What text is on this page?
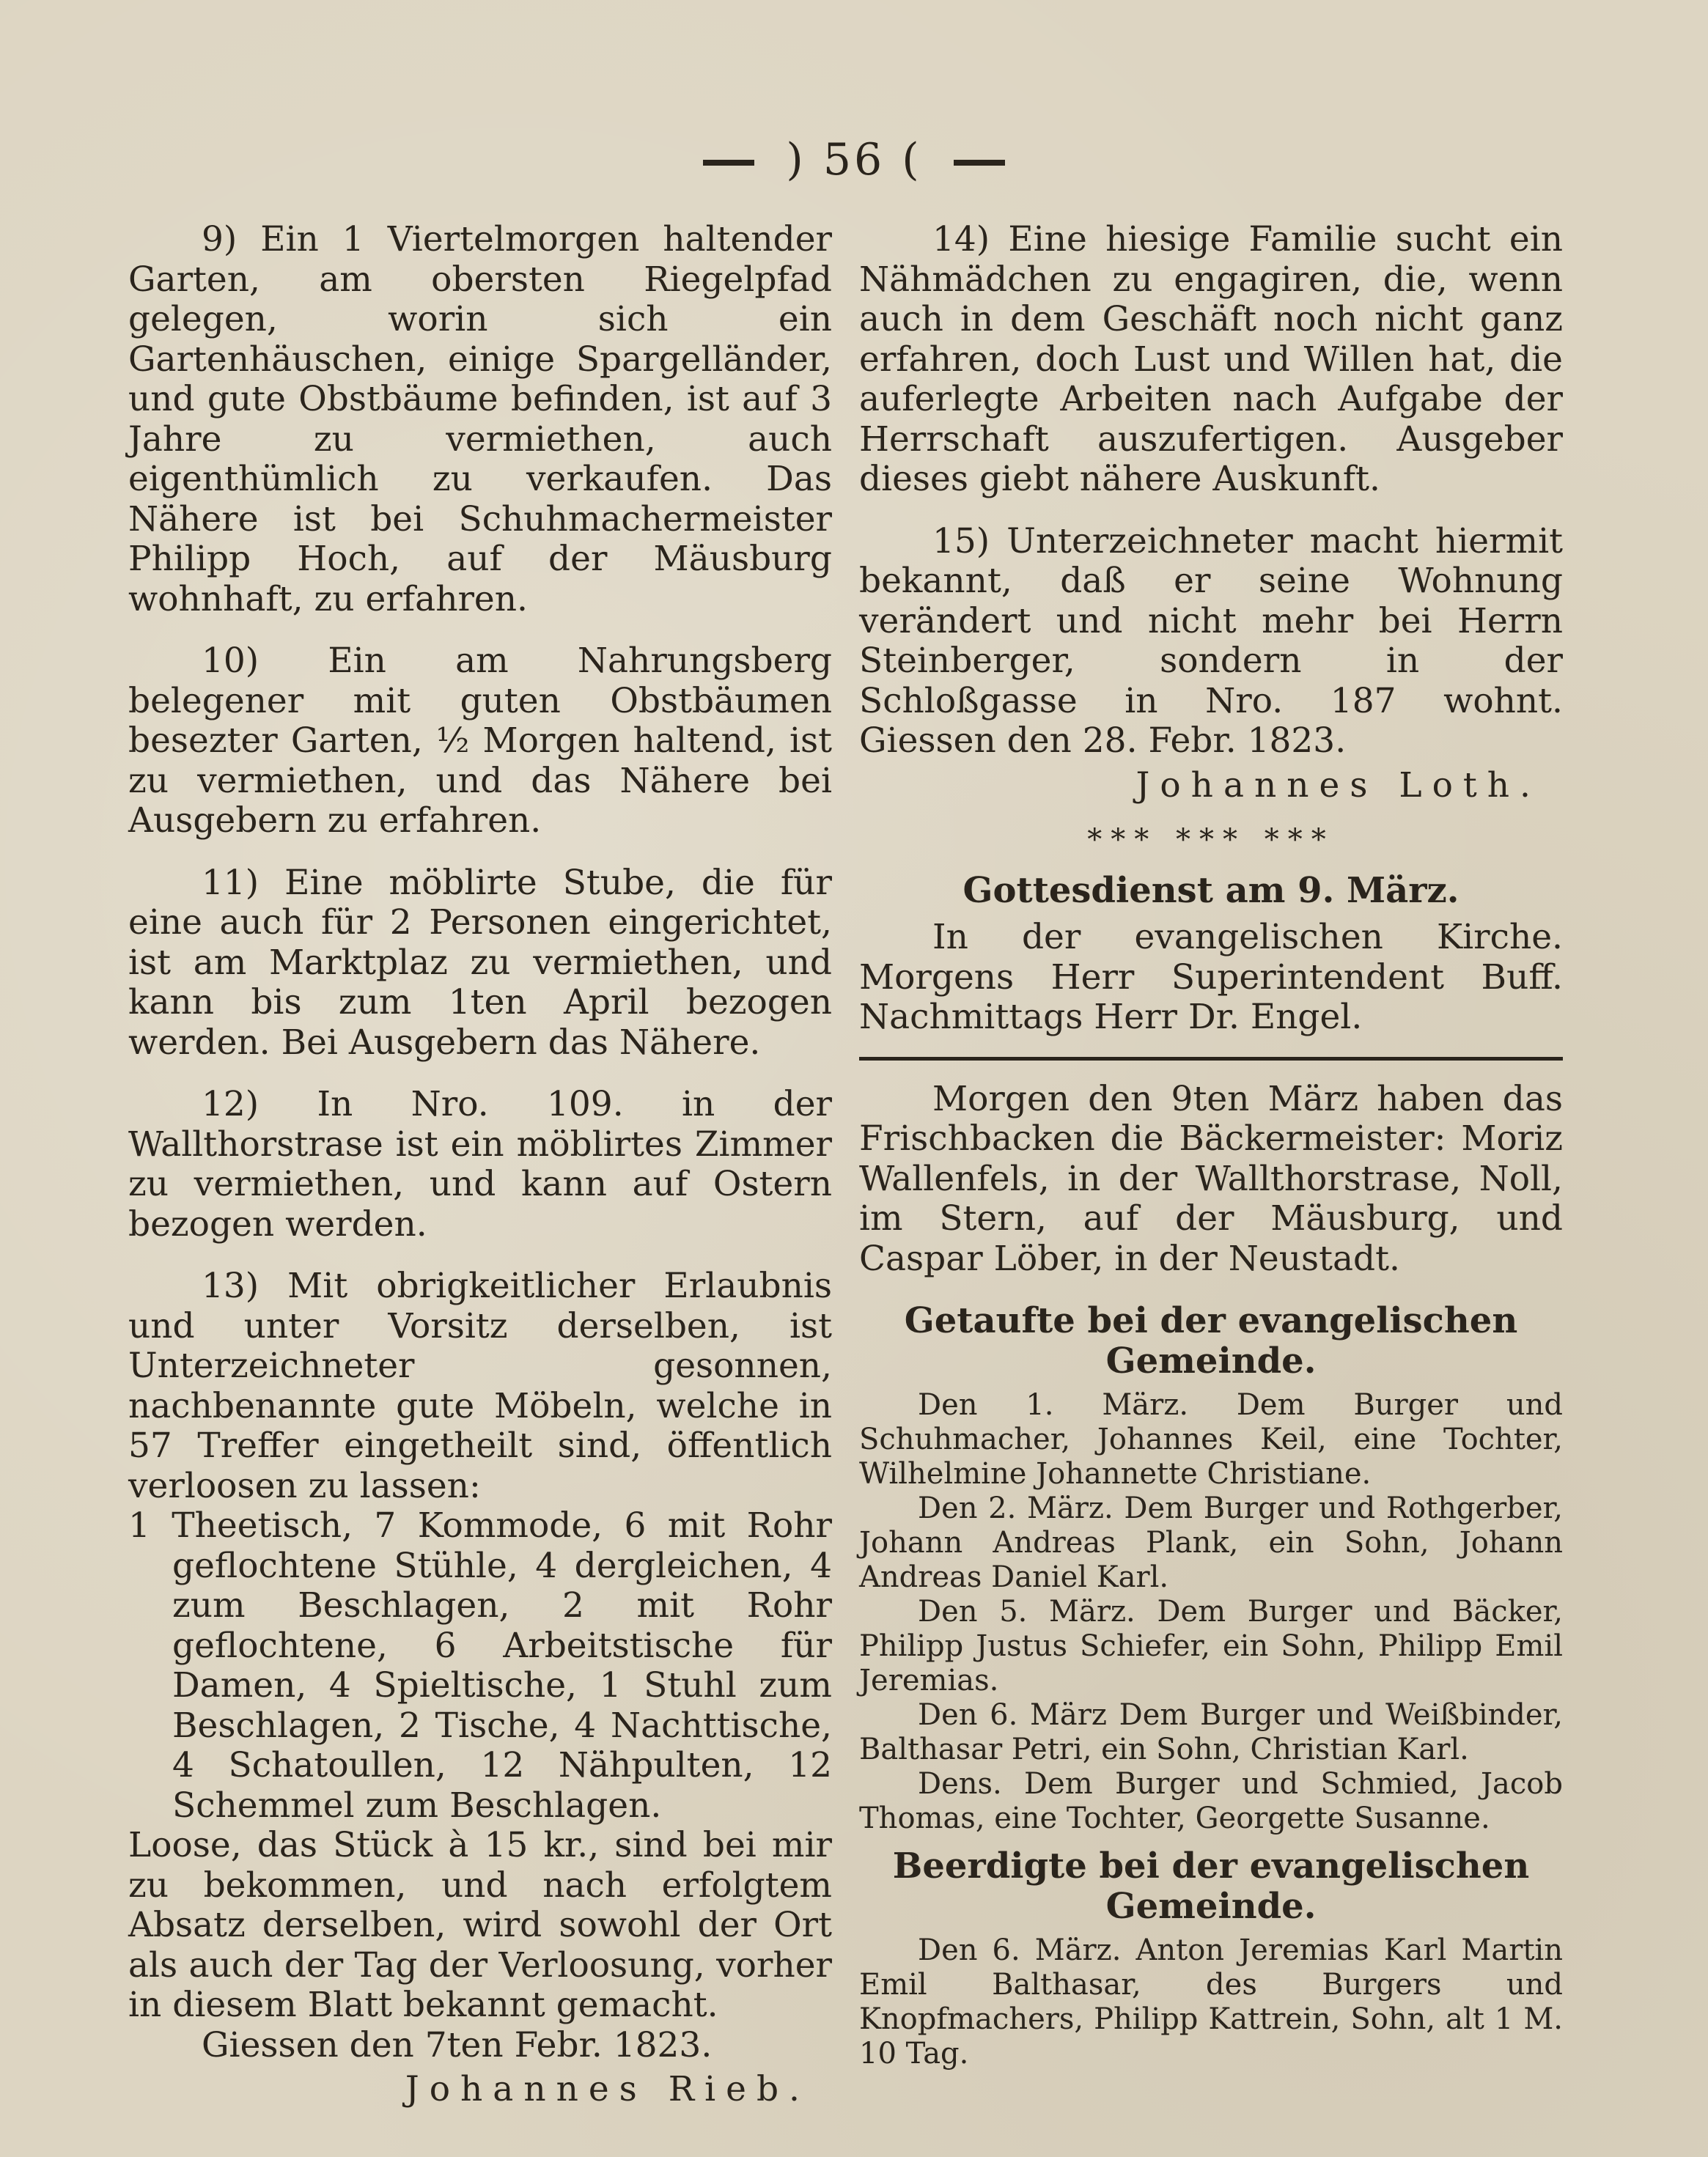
) 56 (

9) Ein 1 Viertelmorgen haltender Garten, am obersten Riegelpfad gelegen, worin sich ein Gartenhäuschen, einige Spargelländer, und gute Obstbäume befinden, ist auf 3 Jahre zu vermiethen, auch eigenthümlich zu verkaufen. Das Nähere ist bei Schuhmachermeister Philipp Hoch, auf der Mäusburg wohnhaft, zu erfahren.

10) Ein am Nahrungsberg belegener mit guten Obstbäumen besezter Garten, ½ Morgen haltend, ist zu vermiethen, und das Nähere bei Ausgebern zu erfahren.

11) Eine möblirte Stube, die für eine auch für 2 Personen eingerichtet, ist am Marktplaz zu vermiethen, und kann bis zum 1ten April bezogen werden. Bei Ausgebern das Nähere.

12) In Nro. 109. in der Wallthorstrase ist ein möblirtes Zimmer zu vermiethen, und kann auf Ostern bezogen werden.

13) Mit obrigkeitlicher Erlaubnis und unter Vorsitz derselben, ist Unterzeichneter gesonnen, nachbenannte gute Möbeln, welche in 57 Treffer eingetheilt sind, öffentlich verloosen zu lassen:

1 Theetisch, 7 Kommode, 6 mit Rohr geflochtene Stühle, 4 dergleichen, 4 zum Beschlagen, 2 mit Rohr geflochtene, 6 Arbeitstische für Damen, 4 Spieltische, 1 Stuhl zum Beschlagen, 2 Tische, 4 Nachttische, 4 Schatoullen, 12 Nähpulten, 12 Schemmel zum Beschlagen.

Loose, das Stück à 15 kr., sind bei mir zu bekommen, und nach erfolgtem Absatz derselben, wird sowohl der Ort als auch der Tag der Verloosung, vorher in diesem Blatt bekannt gemacht.

Giessen den 7ten Febr. 1823.

Johannes Rieb.

14) Eine hiesige Familie sucht ein Nähmädchen zu engagiren, die, wenn auch in dem Geschäft noch nicht ganz erfahren, doch Lust und Willen hat, die auferlegte Arbeiten nach Aufgabe der Herrschaft auszufertigen. Ausgeber dieses giebt nähere Auskunft.

15) Unterzeichneter macht hiermit bekannt, daß er seine Wohnung verändert und nicht mehr bei Herrn Steinberger, sondern in der Schloßgasse in Nro. 187 wohnt. Giessen den 28. Febr. 1823.

Johannes Loth.
*** *** ***
Gottesdienst am 9. März.

In der evangelischen Kirche. Morgens Herr Superintendent Buff. Nachmittags Herr Dr. Engel.

Morgen den 9ten März haben das Frischbacken die Bäckermeister: Moriz Wallenfels, in der Wallthorstrase, Noll, im Stern, auf der Mäusburg, und Caspar Löber, in der Neustadt.

Getaufte bei der evangelischen Gemeinde.

Den 1. März. Dem Burger und Schuhmacher, Johannes Keil, eine Tochter, Wilhelmine Johannette Christiane.

Den 2. März. Dem Burger und Rothgerber, Johann Andreas Plank, ein Sohn, Johann Andreas Daniel Karl.

Den 5. März. Dem Burger und Bäcker, Philipp Justus Schiefer, ein Sohn, Philipp Emil Jeremias.

Den 6. März Dem Burger und Weißbinder, Balthasar Petri, ein Sohn, Christian Karl.

Dens. Dem Burger und Schmied, Jacob Thomas, eine Tochter, Georgette Susanne.

Beerdigte bei der evangelischen Gemeinde.

Den 6. März. Anton Jeremias Karl Martin Emil Balthasar, des Burgers und Knopfmachers, Philipp Kattrein, Sohn, alt 1 M. 10 Tag.
